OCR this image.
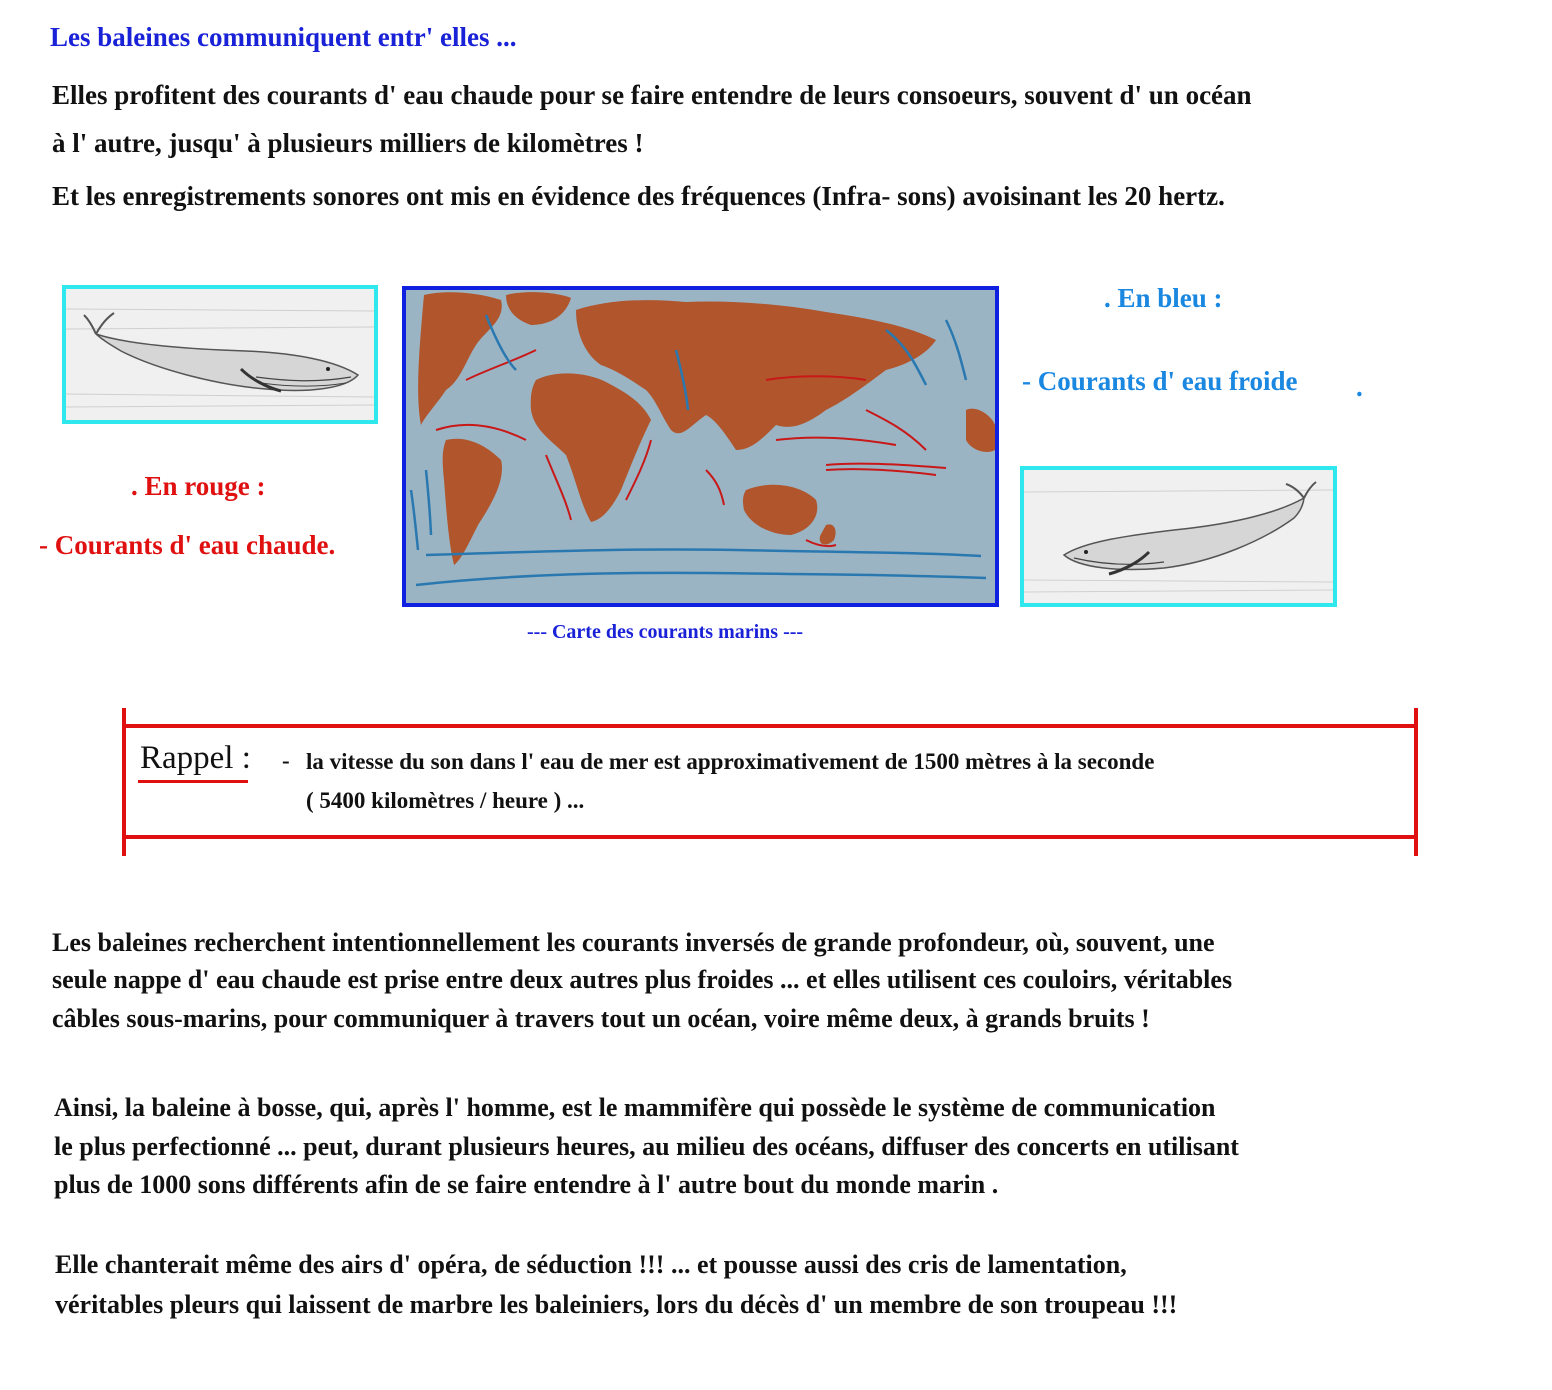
Les baleines communiquent entr' elles ...
Elles profitent des courants d' eau chaude pour se faire entendre de leurs consoeurs, souvent d' un océan
à l' autre, jusqu' à plusieurs milliers de kilomètres !
Et les enregistrements sonores ont mis en évidence des fréquences (Infra- sons) avoisinant les 20 hertz.
--- Carte des courants marins ---
. En bleu :
- Courants d' eau froide .
. En rouge :
- Courants d' eau chaude.
Rappel : - la vitesse du son dans l' eau de mer est approximativement de 1500 mètres à la seconde
( 5400 kilomètres / heure ) ...
Les baleines recherchent intentionnellement les courants inversés de grande profondeur, où, souvent, une
seule nappe d' eau chaude est prise entre deux autres plus froides ... et elles utilisent ces couloirs, véritables
câbles sous-marins, pour communiquer à travers tout un océan, voire même deux, à grands bruits !
Ainsi, la baleine à bosse, qui, après l' homme, est le mammifère qui possède le système de communication
le plus perfectionné ... peut, durant plusieurs heures, au milieu des océans, diffuser des concerts en utilisant
plus de 1000 sons différents afin de se faire entendre à l' autre bout du monde marin .
Elle chanterait même des airs d' opéra, de séduction !!! ... et pousse aussi des cris de lamentation,
véritables pleurs qui laissent de marbre les baleiniers, lors du décès d' un membre de son troupeau !!!
